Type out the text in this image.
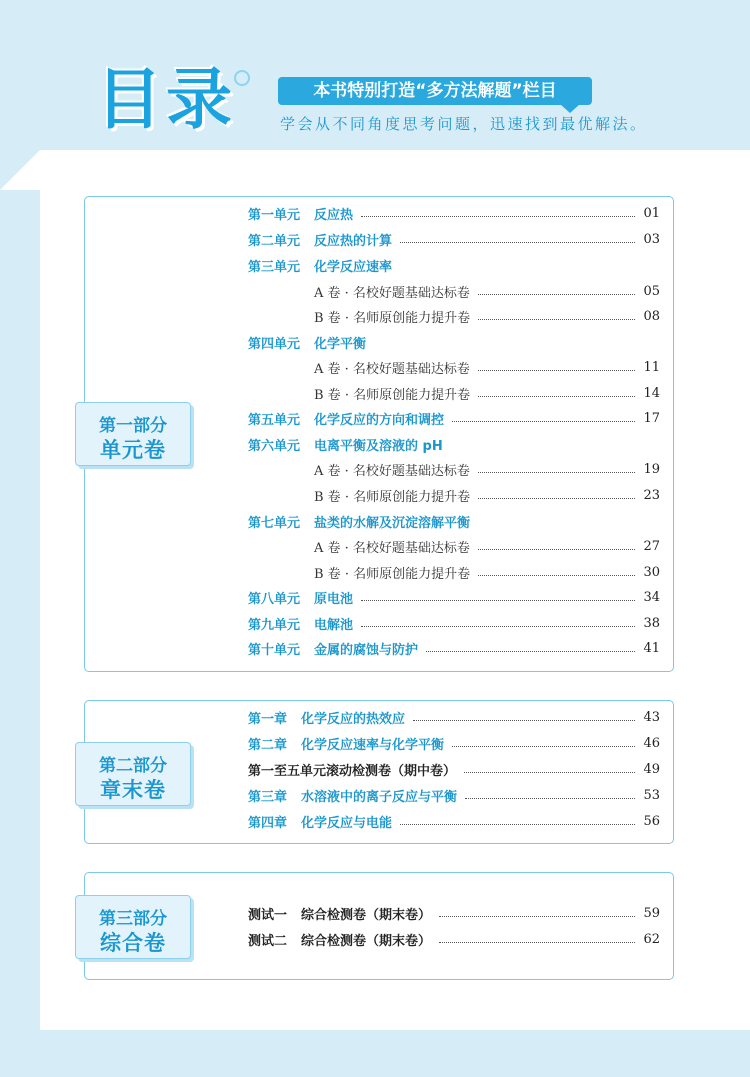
目录	本书特别打造“多方法解题”栏目
学会从不同角度思考问题，迅速找到最优解法。
第一部分
单元卷
第一单元 反应热	01
第二单元 反应热的计算	03
第三单元 化学反应速率
A 卷 · 名校好题基础达标卷	05
B 卷 · 名师原创能力提升卷	08
第四单元 化学平衡
A 卷 · 名校好题基础达标卷	11
B 卷 · 名师原创能力提升卷	14
第五单元 化学反应的方向和调控	17
第六单元 电离平衡及溶液的 pH
A 卷 · 名校好题基础达标卷	19
B 卷 · 名师原创能力提升卷	23
第七单元 盐类的水解及沉淀溶解平衡
A 卷 · 名校好题基础达标卷	27
B 卷 · 名师原创能力提升卷	30
第八单元 原电池	34
第九单元 电解池	38
第十单元 金属的腐蚀与防护	41
第二部分
章末卷
第一章 化学反应的热效应	43
第二章 化学反应速率与化学平衡	46
第一至五单元滚动检测卷（期中卷）	49
第三章 水溶液中的离子反应与平衡	53
第四章 化学反应与电能	56
第三部分
综合卷
测试一 综合检测卷（期末卷）	59
测试二 综合检测卷（期末卷）	62
